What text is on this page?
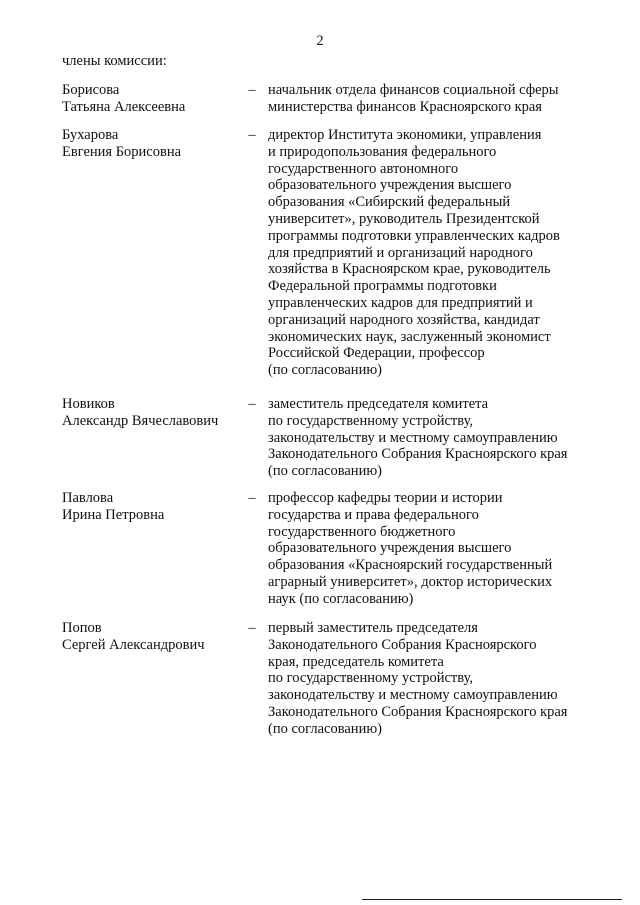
2
члены комиссии:
Борисова
Татьяна Алексеевна
– начальник отдела финансов социальной сферы
министерства финансов Красноярского края
Бухарова
Евгения Борисовна
– директор Института экономики, управления
и природопользования федерального
государственного автономного
образовательного учреждения высшего
образования «Сибирский федеральный
университет», руководитель Президентской
программы подготовки управленческих кадров
для предприятий и организаций народного
хозяйства в Красноярском крае, руководитель
Федеральной программы подготовки
управленческих кадров для предприятий и
организаций народного хозяйства, кандидат
экономических наук, заслуженный экономист
Российской Федерации, профессор
(по согласованию)
Новиков
Александр Вячеславович
– заместитель председателя комитета
по государственному устройству,
законодательству и местному самоуправлению
Законодательного Собрания Красноярского края
(по согласованию)
Павлова
Ирина Петровна
– профессор кафедры теории и истории
государства и права федерального
государственного бюджетного
образовательного учреждения высшего
образования «Красноярский государственный
аграрный университет», доктор исторических
наук (по согласованию)
Попов
Сергей Александрович
– первый заместитель председателя
Законодательного Собрания Красноярского
края, председатель комитета
по государственному устройству,
законодательству и местному самоуправлению
Законодательного Собрания Красноярского края
(по согласованию)
